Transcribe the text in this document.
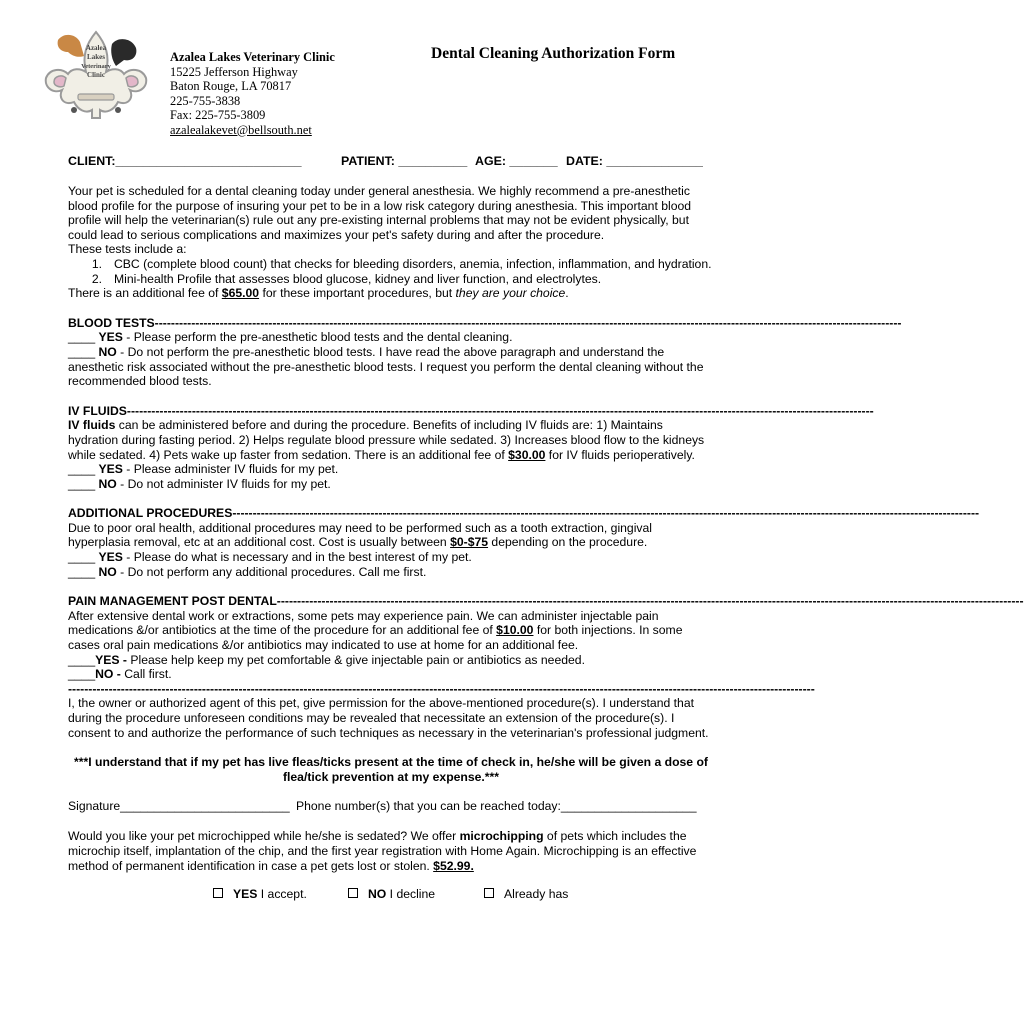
Azalea
Lakes
Veterinary
Clinic
Azalea Lakes Veterinary Clinic
15225 Jefferson Highway
Baton Rouge, LA 70817
225-755-3838
Fax: 225-755-3809
azalealakevet@bellsouth.net
Dental Cleaning Authorization Form
CLIENT:___________________________	PATIENT: __________ AGE: _______ DATE: ______________

Your pet is scheduled for a dental cleaning today under general anesthesia. We highly recommend a pre-anesthetic blood profile for the purpose of insuring your pet to be in a low risk category during anesthesia. This important blood profile will help the veterinarian(s) rule out any pre-existing internal problems that may not be evident physically, but could lead to serious complications and maximizes your pet's safety during and after the procedure.

These tests include a:

1. CBC (complete blood count) that checks for bleeding disorders, anemia, infection, inflammation, and hydration.
2. Mini-health Profile that assesses blood glucose, kidney and liver function, and electrolytes.

There is an additional fee of $65.00 for these important procedures, but they are your choice.

BLOOD TESTS----------------------------------------------------------------------------------------------------------------------------------------------------------------------------------------

____ YES - Please perform the pre-anesthetic blood tests and the dental cleaning.

____ NO - Do not perform the pre-anesthetic blood tests. I have read the above paragraph and understand the anesthetic risk associated without the pre-anesthetic blood tests. I request you perform the dental cleaning without the recommended blood tests.

IV FLUIDS----------------------------------------------------------------------------------------------------------------------------------------------------------------------------------------

IV fluids can be administered before and during the procedure. Benefits of including IV fluids are: 1) Maintains hydration during fasting period. 2) Helps regulate blood pressure while sedated. 3) Increases blood flow to the kidneys while sedated. 4) Pets wake up faster from sedation. There is an additional fee of $30.00 for IV fluids perioperatively.

____ YES - Please administer IV fluids for my pet.

____ NO - Do not administer IV fluids for my pet.

ADDITIONAL PROCEDURES----------------------------------------------------------------------------------------------------------------------------------------------------------------------------------------

Due to poor oral health, additional procedures may need to be performed such as a tooth extraction, gingival hyperplasia removal, etc at an additional cost. Cost is usually between $0-$75 depending on the procedure.

____ YES - Please do what is necessary and in the best interest of my pet.

____ NO - Do not perform any additional procedures. Call me first.

PAIN MANAGEMENT POST DENTAL----------------------------------------------------------------------------------------------------------------------------------------------------------------------------------------

After extensive dental work or extractions, some pets may experience pain. We can administer injectable pain medications &/or antibiotics at the time of the procedure for an additional fee of $10.00 for both injections. In some cases oral pain medications &/or antibiotics may indicated to use at home for an additional fee.

____YES - Please help keep my pet comfortable & give injectable pain or antibiotics as needed.

____NO - Call first.

----------------------------------------------------------------------------------------------------------------------------------------------------------------------------------------

I, the owner or authorized agent of this pet, give permission for the above-mentioned procedure(s). I understand that during the procedure unforeseen conditions may be revealed that necessitate an extension of the procedure(s). I consent to and authorize the performance of such techniques as necessary in the veterinarian's professional judgment.

***I understand that if my pet has live fleas/ticks present at the time of check in, he/she will be given a dose of flea/tick prevention at my expense.***

Signature_________________________ Phone number(s) that you can be reached today:____________________

Would you like your pet microchipped while he/she is sedated? We offer microchipping of pets which includes the microchip itself, implantation of the chip, and the first year registration with Home Again. Microchipping is an effective method of permanent identification in case a pet gets lost or stolen. $52.99.

YES I accept.	NO I decline	Already has
